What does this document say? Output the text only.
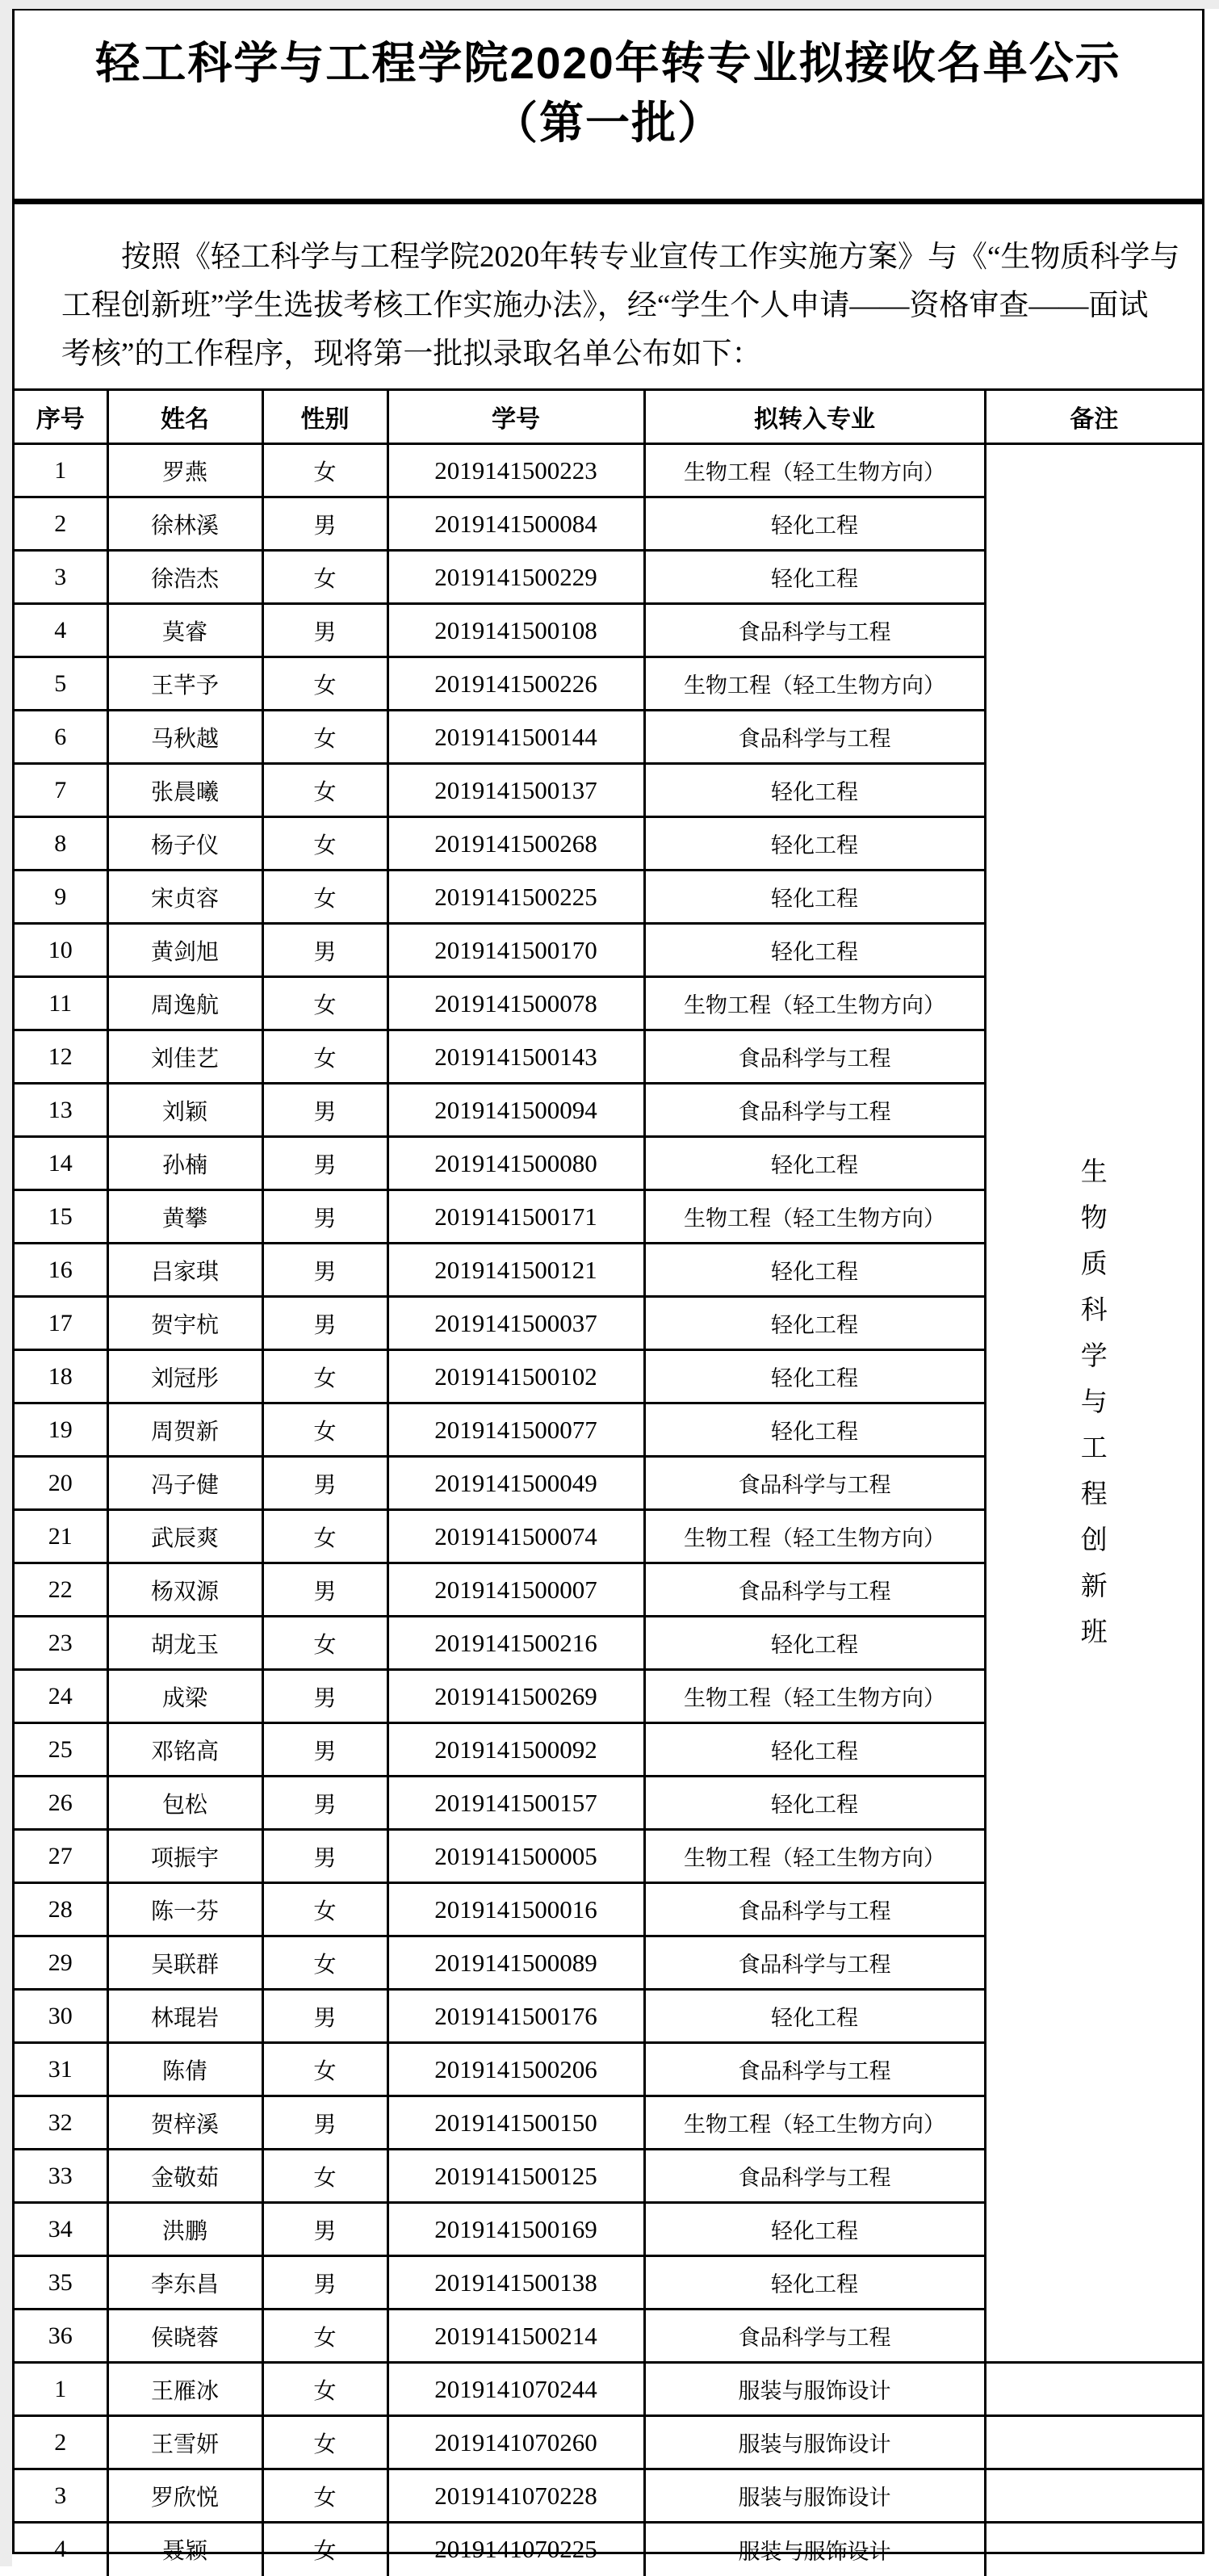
轻工科学与工程学院2020年转专业拟接收名单公示
（第一批）
按照《轻工科学与工程学院2020年转专业宣传工作实施方案》与《“生物质科学与
工程创新班”学生选拔考核工作实施办法》，经“学生个人申请——资格审查——面试
考核”的工作程序，现将第一批拟录取名单公布如下：
序号	姓名	性别	学号	拟转入专业	备注
1	罗燕	女	2019141500223	生物工程（轻工生物方向）	生物质科学与工程创新班

2	徐林溪	男	2019141500084	轻化工程	
3	徐浩杰	女	2019141500229	轻化工程	
4	莫睿	男	2019141500108	食品科学与工程	
5	王芊予	女	2019141500226	生物工程（轻工生物方向）	
6	马秋越	女	2019141500144	食品科学与工程	
7	张晨曦	女	2019141500137	轻化工程	
8	杨子仪	女	2019141500268	轻化工程	
9	宋贞容	女	2019141500225	轻化工程	
10	黄剑旭	男	2019141500170	轻化工程	
11	周逸航	女	2019141500078	生物工程（轻工生物方向）	
12	刘佳艺	女	2019141500143	食品科学与工程	
13	刘颖	男	2019141500094	食品科学与工程	
14	孙楠	男	2019141500080	轻化工程	
15	黄攀	男	2019141500171	生物工程（轻工生物方向）	
16	吕家琪	男	2019141500121	轻化工程	
17	贺宇杭	男	2019141500037	轻化工程	
18	刘冠彤	女	2019141500102	轻化工程	
19	周贺新	女	2019141500077	轻化工程	
20	冯子健	男	2019141500049	食品科学与工程	
21	武辰爽	女	2019141500074	生物工程（轻工生物方向）	
22	杨双源	男	2019141500007	食品科学与工程	
23	胡龙玉	女	2019141500216	轻化工程	
24	成梁	男	2019141500269	生物工程（轻工生物方向）	
25	邓铭高	男	2019141500092	轻化工程	
26	包松	男	2019141500157	轻化工程	
27	项振宇	男	2019141500005	生物工程（轻工生物方向）	
28	陈一芬	女	2019141500016	食品科学与工程	
29	吴联群	女	2019141500089	食品科学与工程	
30	林琨岩	男	2019141500176	轻化工程	
31	陈倩	女	2019141500206	食品科学与工程	
32	贺梓溪	男	2019141500150	生物工程（轻工生物方向）	
33	金敬茹	女	2019141500125	食品科学与工程	
34	洪鹏	男	2019141500169	轻化工程	
35	李东昌	男	2019141500138	轻化工程	
36	侯晓蓉	女	2019141500214	食品科学与工程	
1	王雁冰	女	2019141070244	服装与服饰设计	
2	王雪妍	女	2019141070260	服装与服饰设计	
3	罗欣悦	女	2019141070228	服装与服饰设计	
4	聂颖	女	2019141070225	服装与服饰设计	
